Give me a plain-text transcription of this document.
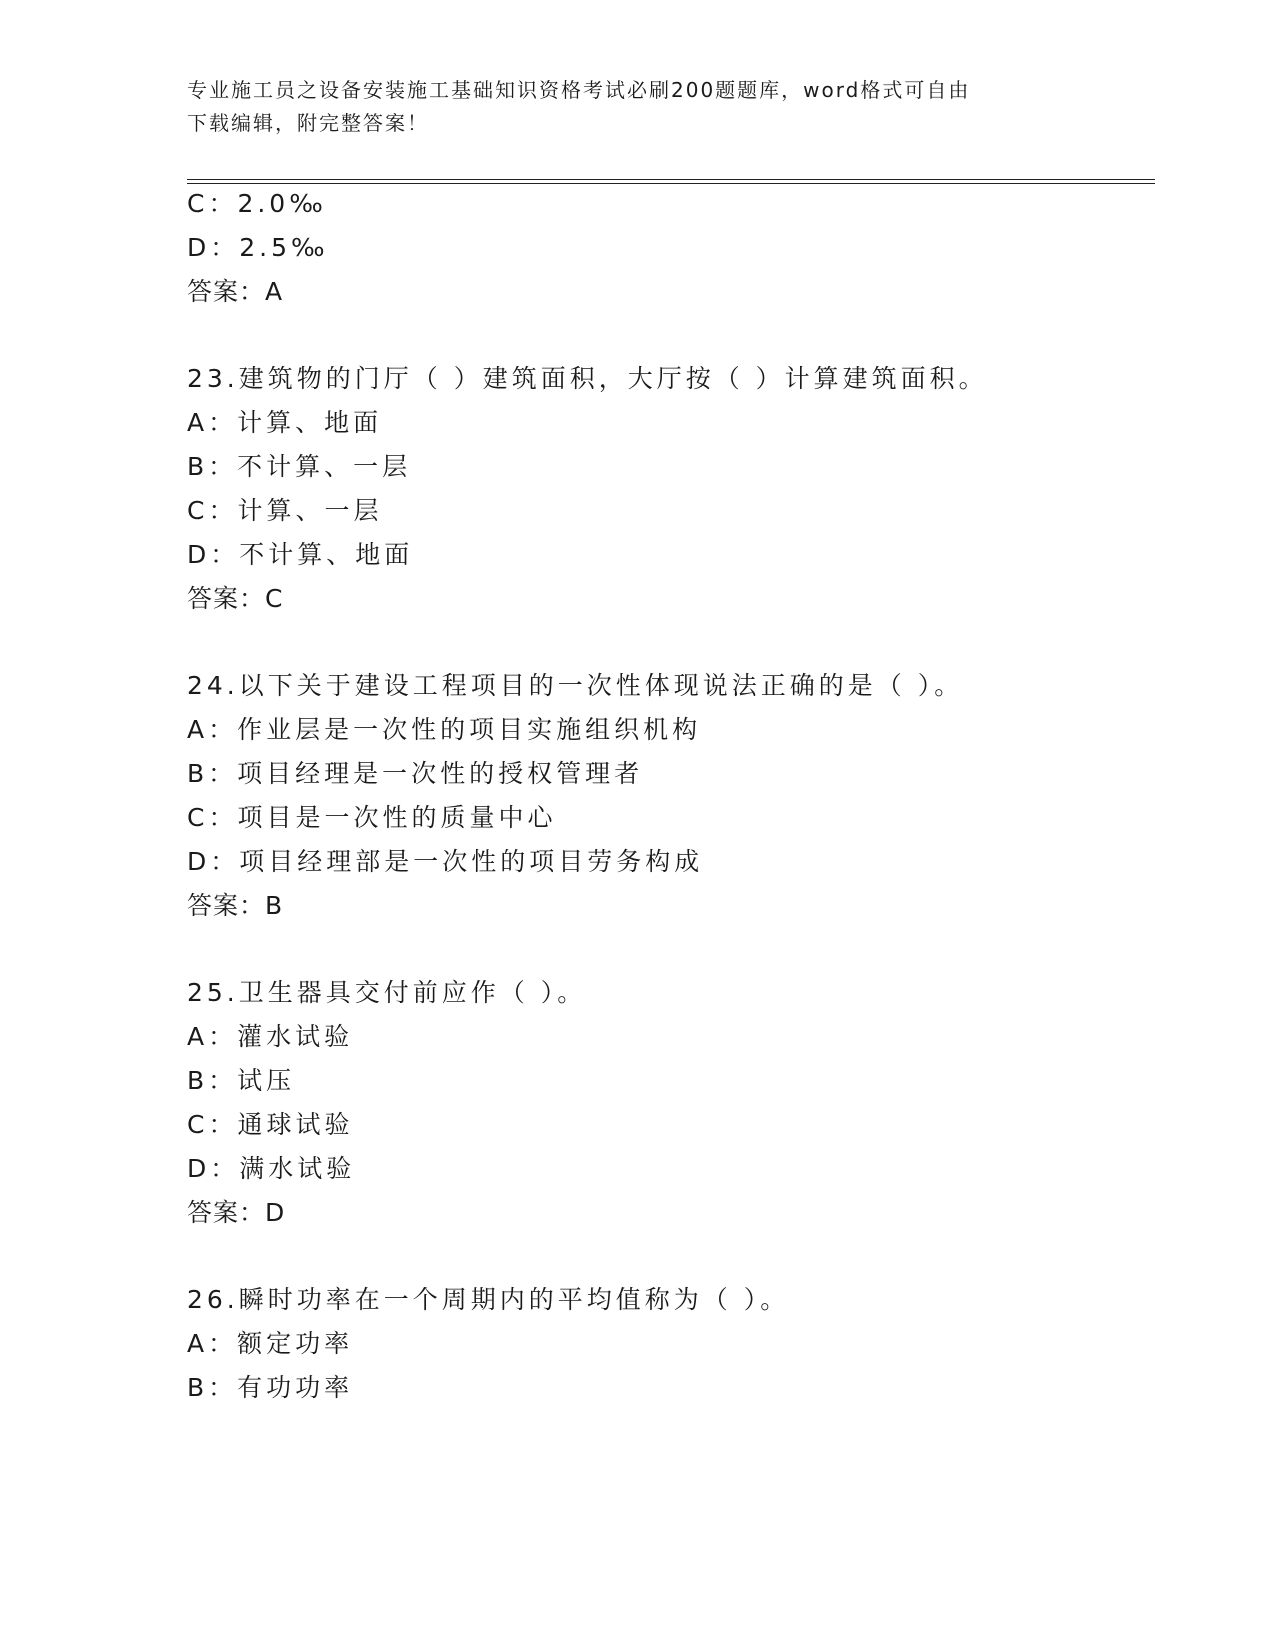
专业施工员之设备安装施工基础知识资格考试必刷200题题库，word格式可自由
下载编辑，附完整答案！
C：2.0‰
D：2.5‰
答案：A
23.建筑物的门厅（ ）建筑面积，大厅按（ ）计算建筑面积。
A：计算、地面
B：不计算、一层
C：计算、一层
D：不计算、地面
答案：C
24.以下关于建设工程项目的一次性体现说法正确的是（ ）。
A：作业层是一次性的项目实施组织机构
B：项目经理是一次性的授权管理者
C：项目是一次性的质量中心
D：项目经理部是一次性的项目劳务构成
答案：B
25.卫生器具交付前应作（ ）。
A：灌水试验
B：试压
C：通球试验
D：满水试验
答案：D
26.瞬时功率在一个周期内的平均值称为（ ）。
A：额定功率
B：有功功率
